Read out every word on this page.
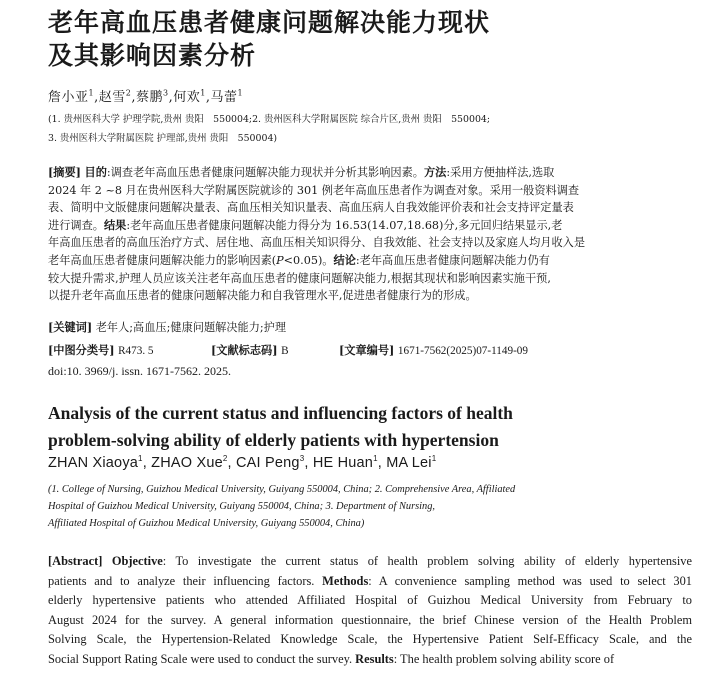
老年高血压患者健康问题解决能力现状
及其影响因素分析
詹小亚$^1$,赵雪$^2$,蔡鹏$^3$,何欢$^1$,马蕾$^1$
(1. 贵州医科大学 护理学院,贵州 贵阳　550004;2. 贵州医科大学附属医院 综合片区,贵州 贵阳　550004;
3. 贵州医科大学附属医院 护理部,贵州 贵阳　550004)
[摘要] 目的:调查老年高血压患者健康问题解决能力现状并分析其影响因素。方法:采用方便抽样法,选取
2024 年 2 ~8 月在贵州医科大学附属医院就诊的 301 例老年高血压患者作为调查对象。采用一般资料调查
表、简明中文版健康问题解决量表、高血压相关知识量表、高血压病人自我效能评价表和社会支持评定量表
进行调查。结果:老年高血压患者健康问题解决能力得分为 16.53(14.07,18.68)分,多元回归结果显示,老
年高血压患者的高血压治疗方式、居住地、高血压相关知识得分、自我效能、社会支持以及家庭人均月收入是
老年高血压患者健康问题解决能力的影响因素(P<0.05)。结论:老年高血压患者健康问题解决能力仍有
较大提升需求,护理人员应该关注老年高血压患者的健康问题解决能力,根据其现状和影响因素实施干预,
以提升老年高血压患者的健康问题解决能力和自我管理水平,促进患者健康行为的形成。
[关键词] 老年人;高血压;健康问题解决能力;护理
[中图分类号] R473. 5	[文献标志码] B	[文章编号] 1671-7562(2025)07-1149-09
doi:10. 3969/j. issn. 1671-7562. 2025.
Analysis of the current status and influencing factors of health
problem-solving ability of elderly patients with hypertension
ZHAN Xiaoya$^1$, ZHAO Xue$^2$, CAI Peng$^3$, HE Huan$^1$, MA Lei$^1$
(1. College of Nursing, Guizhou Medical University, Guiyang 550004, China; 2. Comprehensive Area, Affiliated
Hospital of Guizhou Medical University, Guiyang 550004, China; 3. Department of Nursing,
Affiliated Hospital of Guizhou Medical University, Guiyang 550004, China)
[Abstract] Objective: To investigate the current status of health problem solving ability of elderly hypertensive
patients and to analyze their influencing factors. Methods: A convenience sampling method was used to select 301
elderly hypertensive patients who attended Affiliated Hospital of Guizhou Medical University from February to
August 2024 for the survey. A general information questionnaire, the brief Chinese version of the Health Problem
Solving Scale, the Hypertension-Related Knowledge Scale, the Hypertensive Patient Self-Efficacy Scale, and the
Social Support Rating Scale were used to conduct the survey. Results: The health problem solving ability score of
